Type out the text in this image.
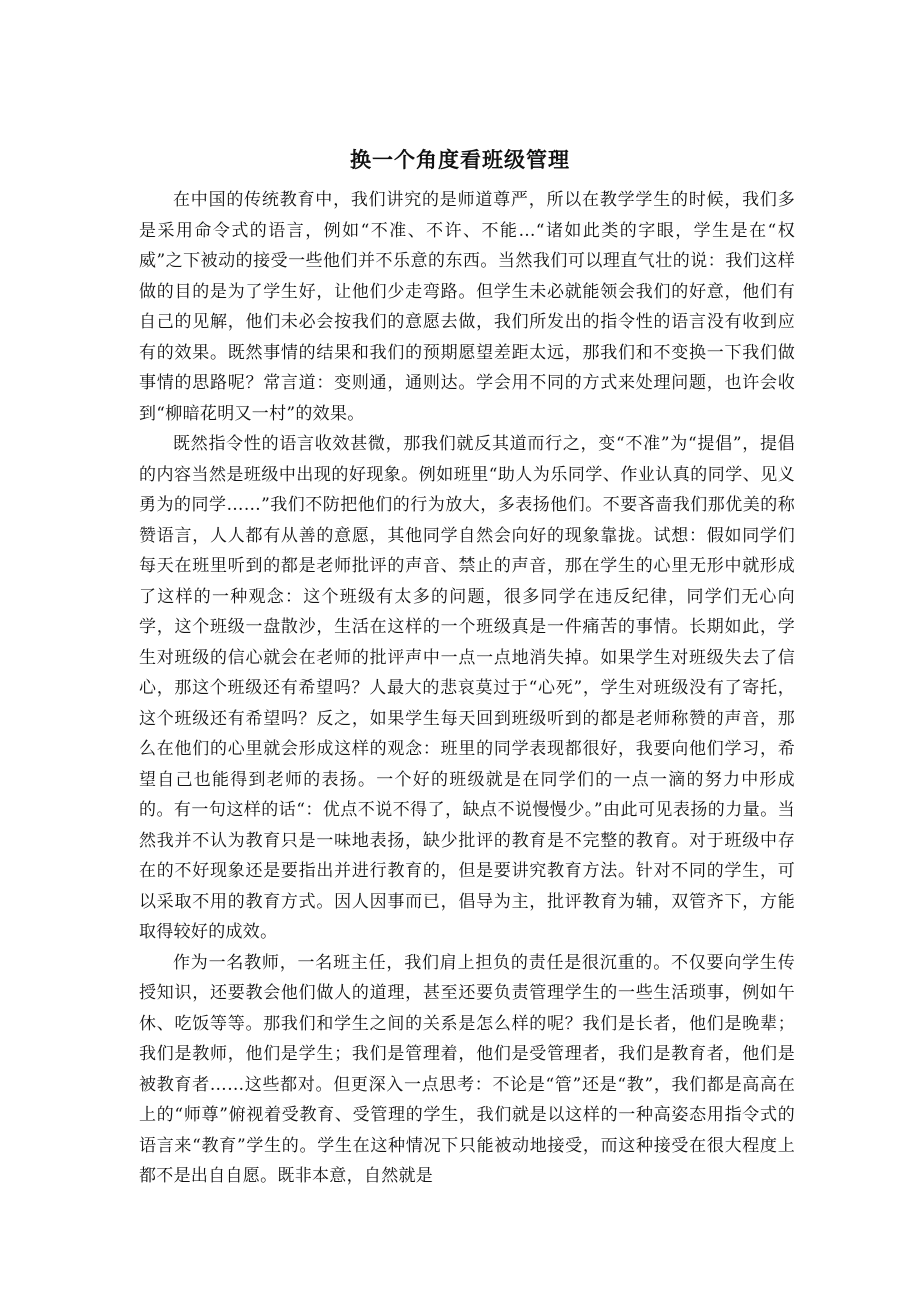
换一个角度看班级管理

在中国的传统教育中，我们讲究的是师道尊严，所以在教学学生的时候，我们多是采用命令式的语言，例如“不准、不许、不能…“诸如此类的字眼，学生是在“权威”之下被动的接受一些他们并不乐意的东西。当然我们可以理直气壮的说：我们这样做的目的是为了学生好，让他们少走弯路。但学生未必就能领会我们的好意，他们有自己的见解，他们未必会按我们的意愿去做，我们所发出的指令性的语言没有收到应有的效果。既然事情的结果和我们的预期愿望差距太远，那我们和不变换一下我们做事情的思路呢？常言道：变则通，通则达。学会用不同的方式来处理问题，也许会收到“柳暗花明又一村”的效果。

既然指令性的语言收效甚微，那我们就反其道而行之，变“不准”为“提倡”，提倡的内容当然是班级中出现的好现象。例如班里“助人为乐同学、作业认真的同学、见义勇为的同学……”我们不防把他们的行为放大，多表扬他们。不要吝啬我们那优美的称赞语言，人人都有从善的意愿，其他同学自然会向好的现象靠拢。试想：假如同学们每天在班里听到的都是老师批评的声音、禁止的声音，那在学生的心里无形中就形成了这样的一种观念：这个班级有太多的问题，很多同学在违反纪律，同学们无心向学，这个班级一盘散沙，生活在这样的一个班级真是一件痛苦的事情。长期如此，学生对班级的信心就会在老师的批评声中一点一点地消失掉。如果学生对班级失去了信心，那这个班级还有希望吗？人最大的悲哀莫过于“心死”，学生对班级没有了寄托，这个班级还有希望吗？反之，如果学生每天回到班级听到的都是老师称赞的声音，那么在他们的心里就会形成这样的观念：班里的同学表现都很好，我要向他们学习，希望自己也能得到老师的表扬。一个好的班级就是在同学们的一点一滴的努力中形成的。有一句这样的话“：优点不说不得了，缺点不说慢慢少。”由此可见表扬的力量。当然我并不认为教育只是一味地表扬，缺少批评的教育是不完整的教育。对于班级中存在的不好现象还是要指出并进行教育的，但是要讲究教育方法。针对不同的学生，可以采取不用的教育方式。因人因事而已，倡导为主，批评教育为辅，双管齐下，方能取得较好的成效。

作为一名教师，一名班主任，我们肩上担负的责任是很沉重的。不仅要向学生传授知识，还要教会他们做人的道理，甚至还要负责管理学生的一些生活琐事，例如午休、吃饭等等。那我们和学生之间的关系是怎么样的呢？我们是长者，他们是晚辈；我们是教师，他们是学生；我们是管理着，他们是受管理者，我们是教育者，他们是被教育者……这些都对。但更深入一点思考：不论是“管”还是“教”，我们都是高高在上的“师尊”俯视着受教育、受管理的学生，我们就是以这样的一种高姿态用指令式的语言来“教育”学生的。学生在这种情况下只能被动地接受，而这种接受在很大程度上都不是出自自愿。既非本意，自然就是
